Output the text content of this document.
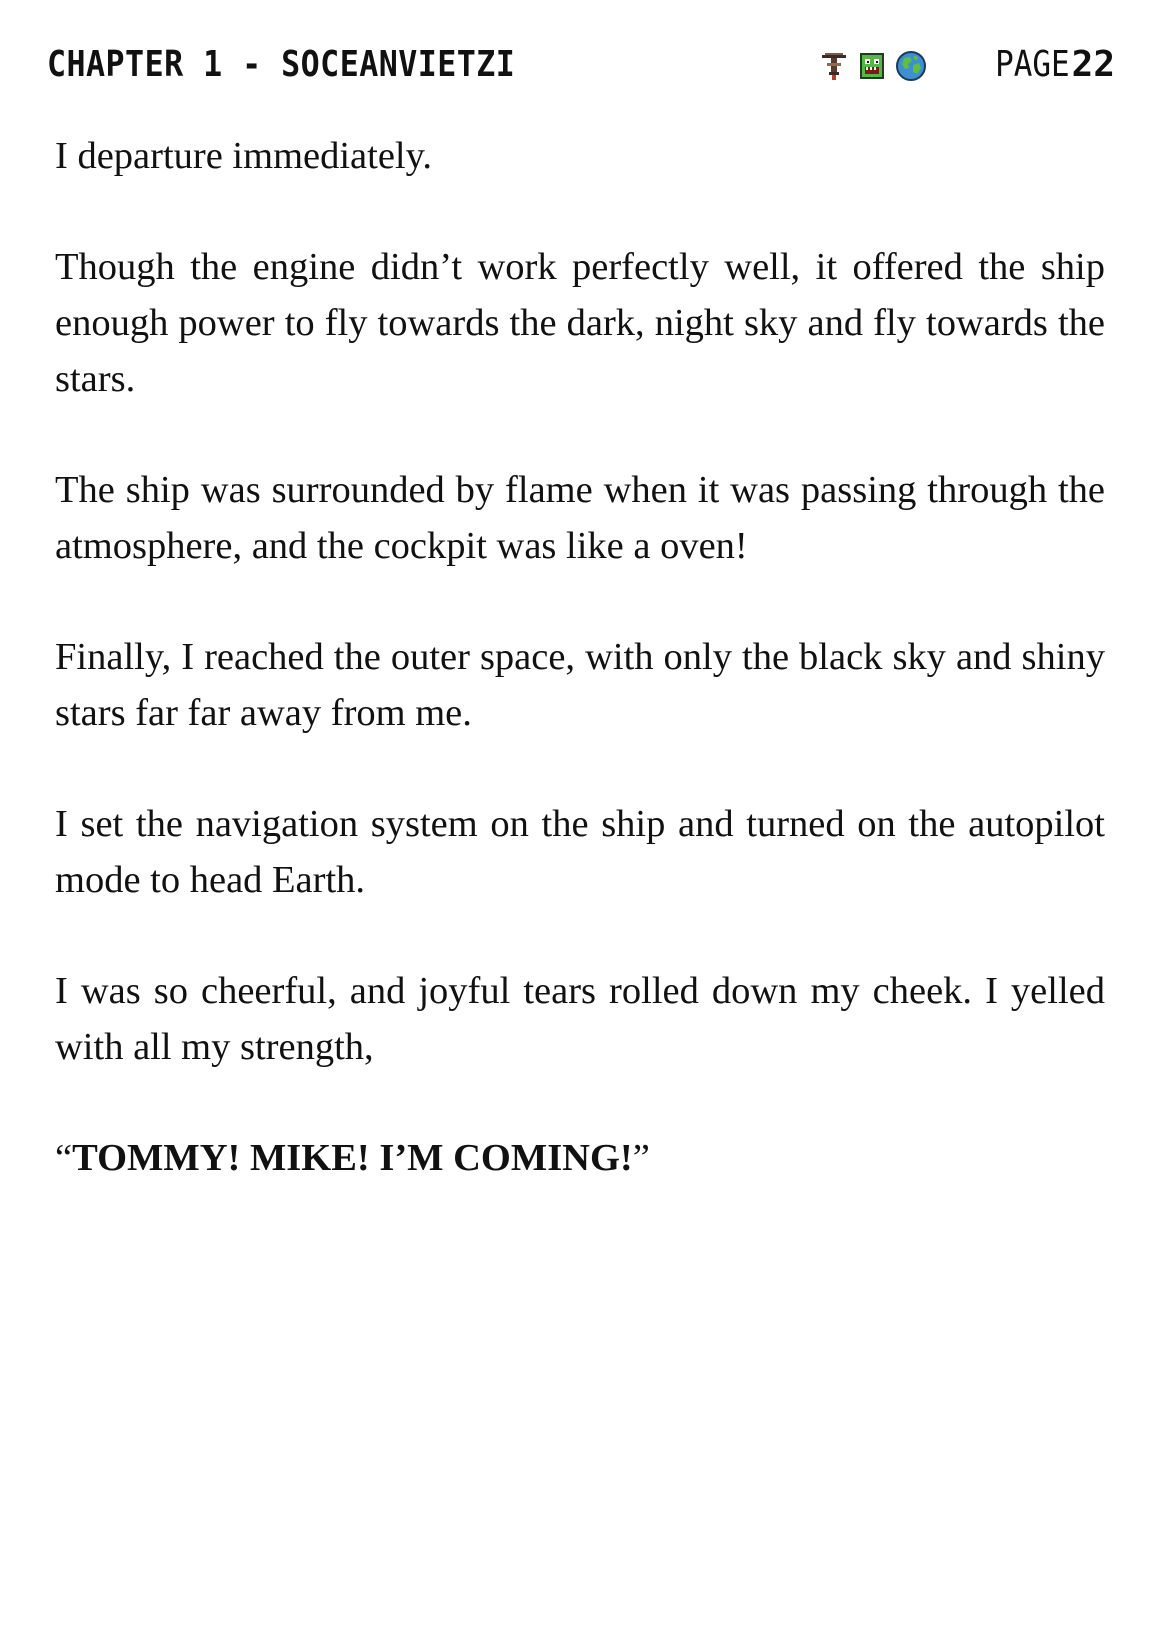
CHAPTER 1 - SOCEANVIETZI	PAGE 22

I departure immediately.

Though the engine didn’t work perfectly well, it offered the ship enough power to fly towards the dark, night sky and fly towards the stars.

The ship was surrounded by flame when it was passing through the atmosphere, and the cockpit was like a oven!

Finally, I reached the outer space, with only the black sky and shiny stars far far away from me.

I set the navigation system on the ship and turned on the autopilot mode to head Earth.

I was so cheerful, and joyful tears rolled down my cheek. I yelled with all my strength,

“TOMMY! MIKE! I’M COMING!”
